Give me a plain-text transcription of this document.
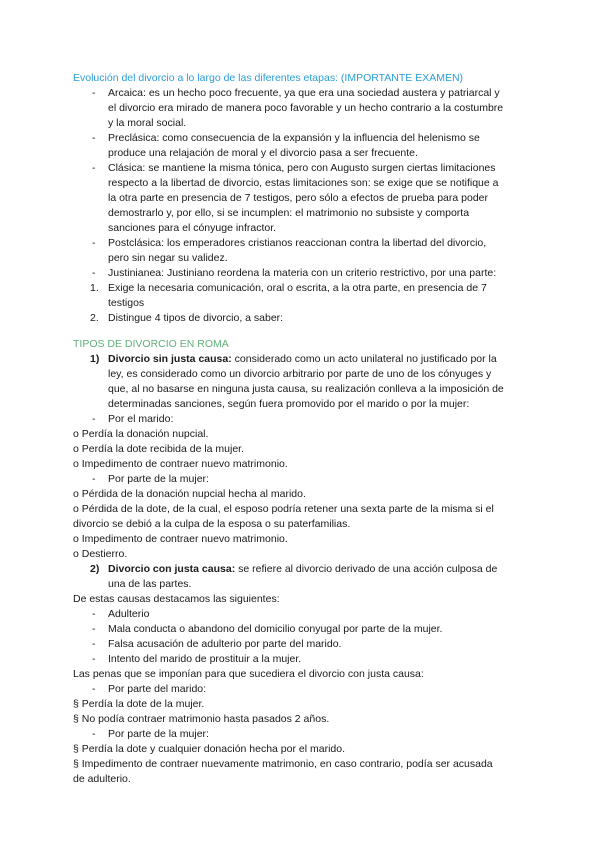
Evolución del divorcio a lo largo de las diferentes etapas: (IMPORTANTE EXAMEN)
- Arcaica: es un hecho poco frecuente, ya que era una sociedad austera y patriarcal y
el divorcio era mirado de manera poco favorable y un hecho contrario a la costumbre
y la moral social.
- Preclásica: como consecuencia de la expansión y la influencia del helenismo se
produce una relajación de moral y el divorcio pasa a ser frecuente.
- Clásica: se mantiene la misma tónica, pero con Augusto surgen ciertas limitaciones
respecto a la libertad de divorcio, estas limitaciones son: se exige que se notifique a
la otra parte en presencia de 7 testigos, pero sólo a efectos de prueba para poder
demostrarlo y, por ello, si se incumplen: el matrimonio no subsiste y comporta
sanciones para el cónyuge infractor.
- Postclásica: los emperadores cristianos reaccionan contra la libertad del divorcio,
pero sin negar su validez.
- Justinianea: Justiniano reordena la materia con un criterio restrictivo, por una parte:
1. Exige la necesaria comunicación, oral o escrita, a la otra parte, en presencia de 7
testigos
2. Distingue 4 tipos de divorcio, a saber:
TIPOS DE DIVORCIO EN ROMA
1) Divorcio sin justa causa: considerado como un acto unilateral no justificado por la
ley, es considerado como un divorcio arbitrario por parte de uno de los cónyuges y
que, al no basarse en ninguna justa causa, su realización conlleva a la imposición de
determinadas sanciones, según fuera promovido por el marido o por la mujer:
- Por el marido:
o Perdía la donación nupcial.
o Perdía la dote recibida de la mujer.
o Impedimento de contraer nuevo matrimonio.
- Por parte de la mujer:
o Pérdida de la donación nupcial hecha al marido.
o Pérdida de la dote, de la cual, el esposo podría retener una sexta parte de la misma si el
divorcio se debió a la culpa de la esposa o su paterfamilias.
o Impedimento de contraer nuevo matrimonio.
o Destierro.
2) Divorcio con justa causa: se refiere al divorcio derivado de una acción culposa de
una de las partes.
De estas causas destacamos las siguientes:
- Adulterio
- Mala conducta o abandono del domicilio conyugal por parte de la mujer.
- Falsa acusación de adulterio por parte del marido.
- Intento del marido de prostituir a la mujer.
Las penas que se imponían para que sucediera el divorcio con justa causa:
- Por parte del marido:
§ Perdía la dote de la mujer.
§ No podía contraer matrimonio hasta pasados 2 años.
- Por parte de la mujer:
§ Perdía la dote y cualquier donación hecha por el marido.
§ Impedimento de contraer nuevamente matrimonio, en caso contrario, podía ser acusada
de adulterio.
